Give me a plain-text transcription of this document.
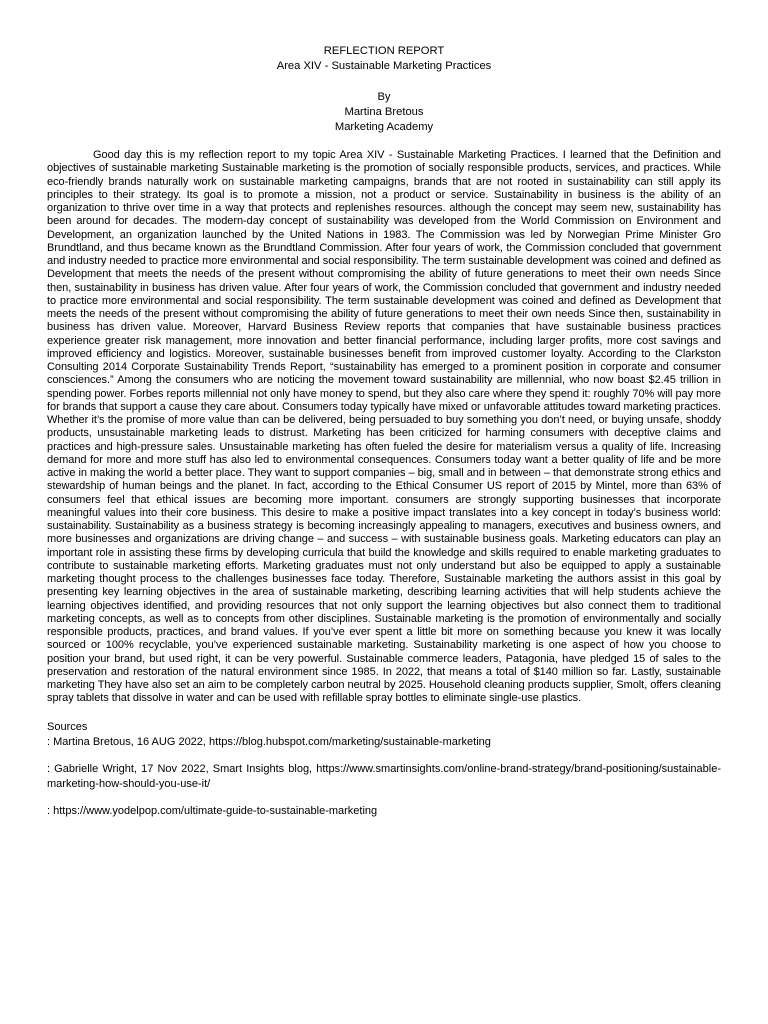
REFLECTION REPORT
Area XIV - Sustainable Marketing Practices
By
Martina Bretous
Marketing Academy

Good day this is my reflection report to my topic Area XIV - Sustainable Marketing Practices. I learned that the Definition and objectives of sustainable marketing Sustainable marketing is the promotion of socially responsible products, services, and practices. While eco-friendly brands naturally work on sustainable marketing campaigns, brands that are not rooted in sustainability can still apply its principles to their strategy. Its goal is to promote a mission, not a product or service. Sustainability in business is the ability of an organization to thrive over time in a way that protects and replenishes resources. although the concept may seem new, sustainability has been around for decades. The modern-day concept of sustainability was developed from the World Commission on Environment and Development, an organization launched by the United Nations in 1983. The Commission was led by Norwegian Prime Minister Gro Brundtland, and thus became known as the Brundtland Commission. After four years of work, the Commission concluded that government and industry needed to practice more environmental and social responsibility. The term sustainable development was coined and defined as Development that meets the needs of the present without compromising the ability of future generations to meet their own needs Since then, sustainability in business has driven value. After four years of work, the Commission concluded that government and industry needed to practice more environmental and social responsibility. The term sustainable development was coined and defined as Development that meets the needs of the present without compromising the ability of future generations to meet their own needs Since then, sustainability in business has driven value. Moreover, Harvard Business Review reports that companies that have sustainable business practices experience greater risk management, more innovation and better financial performance, including larger profits, more cost savings and improved efficiency and logistics. Moreover, sustainable businesses benefit from improved customer loyalty. According to the Clarkston Consulting 2014 Corporate Sustainability Trends Report, “sustainability has emerged to a prominent position in corporate and consumer consciences.” Among the consumers who are noticing the movement toward sustainability are millennial, who now boast $2.45 trillion in spending power. Forbes reports millennial not only have money to spend, but they also care where they spend it: roughly 70% will pay more for brands that support a cause they care about. Consumers today typically have mixed or unfavorable attitudes toward marketing practices. Whether it’s the promise of more value than can be delivered, being persuaded to buy something you don’t need, or buying unsafe, shoddy products, unsustainable marketing leads to distrust. Marketing has been criticized for harming consumers with deceptive claims and practices and high-pressure sales. Unsustainable marketing has often fueled the desire for materialism versus a quality of life. Increasing demand for more and more stuff has also led to environmental consequences. Consumers today want a better quality of life and be more active in making the world a better place. They want to support companies – big, small and in between – that demonstrate strong ethics and stewardship of human beings and the planet. In fact, according to the Ethical Consumer US report of 2015 by Mintel, more than 63% of consumers feel that ethical issues are becoming more important. consumers are strongly supporting businesses that incorporate meaningful values into their core business. This desire to make a positive impact translates into a key concept in today’s business world: sustainability. Sustainability as a business strategy is becoming increasingly appealing to managers, executives and business owners, and more businesses and organizations are driving change – and success – with sustainable business goals. Marketing educators can play an important role in assisting these firms by developing curricula that build the knowledge and skills required to enable marketing graduates to contribute to sustainable marketing efforts. Marketing graduates must not only understand but also be equipped to apply a sustainable marketing thought process to the challenges businesses face today. Therefore, Sustainable marketing the authors assist in this goal by presenting key learning objectives in the area of sustainable marketing, describing learning activities that will help students achieve the learning objectives identified, and providing resources that not only support the learning objectives but also connect them to traditional marketing concepts, as well as to concepts from other disciplines. Sustainable marketing is the promotion of environmentally and socially responsible products, practices, and brand values. If you’ve ever spent a little bit more on something because you knew it was locally sourced or 100% recyclable, you’ve experienced sustainable marketing. Sustainability marketing is one aspect of how you choose to position your brand, but used right, it can be very powerful. Sustainable commerce leaders, Patagonia, have pledged 15 of sales to the preservation and restoration of the natural environment since 1985. In 2022, that means a total of $140 million so far. Lastly, sustainable marketing They have also set an aim to be completely carbon neutral by 2025. Household cleaning products supplier, Smolt, offers cleaning spray tablets that dissolve in water and can be used with refillable spray bottles to eliminate single-use plastics.

Sources
: Martina Bretous, 16 AUG 2022, https://blog.hubspot.com/marketing/sustainable-marketing
: Gabrielle Wright, 17 Nov 2022, Smart Insights blog, https://www.smartinsights.com/online-brand-strategy/brand-positioning/sustainable-marketing-how-should-you-use-it/
: https://www.yodelpop.com/ultimate-guide-to-sustainable-marketing
